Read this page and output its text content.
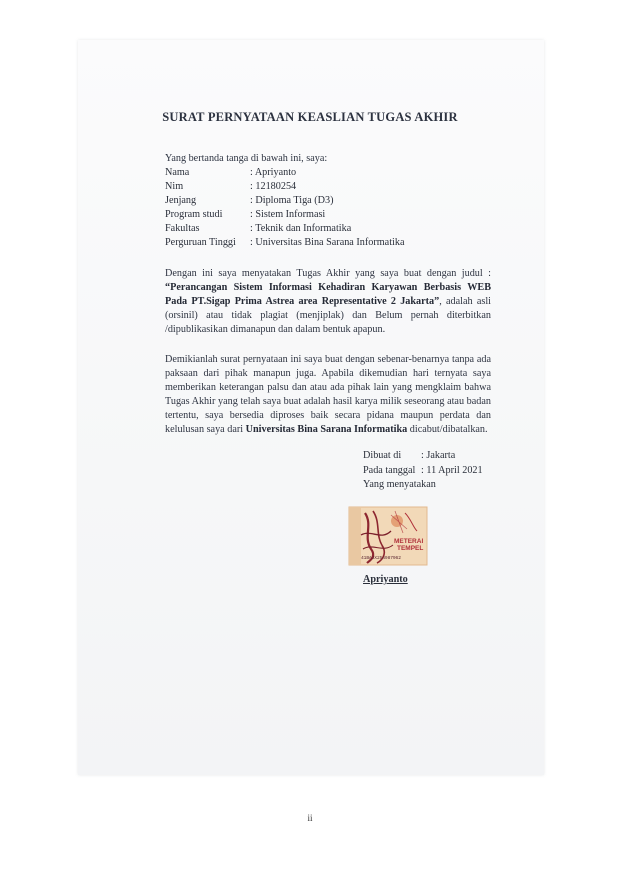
SURAT PERNYATAAN KEASLIAN TUGAS AKHIR
Yang bertanda tanga di bawah ini, saya:
Nama	: Apriyanto
Nim	: 12180254
Jenjang	: Diploma Tiga (D3)
Program studi	: Sistem Informasi
Fakultas	: Teknik dan Informatika
Perguruan Tinggi	: Universitas Bina Sarana Informatika
Dengan ini saya menyatakan Tugas Akhir yang saya buat dengan judul : “Perancangan Sistem Informasi Kehadiran Karyawan Berbasis WEB Pada PT.Sigap Prima Astrea area Representative 2 Jakarta”, adalah asli (orsinil) atau tidak plagiat (menjiplak) dan Belum pernah diterbitkan /dipublikasikan dimanapun dan dalam bentuk apapun.
Demikianlah surat pernyataan ini saya buat dengan sebenar-benarnya tanpa ada paksaan dari pihak manapun juga. Apabila dikemudian hari ternyata saya memberikan keterangan palsu dan atau ada pihak lain yang mengklaim bahwa Tugas Akhir yang telah saya buat adalah hasil karya milik seseorang atau badan tertentu, saya bersedia diproses baik secara pidana maupun perdata dan kelulusan saya dari Universitas Bina Sarana Informatika dicabut/dibatalkan.
Dibuat di	: Jakarta
Pada tanggal : 11 April 2021
Yang menyatakan
METERAI
TEMPEL
41BAJX254987962
Apriyanto
ii
